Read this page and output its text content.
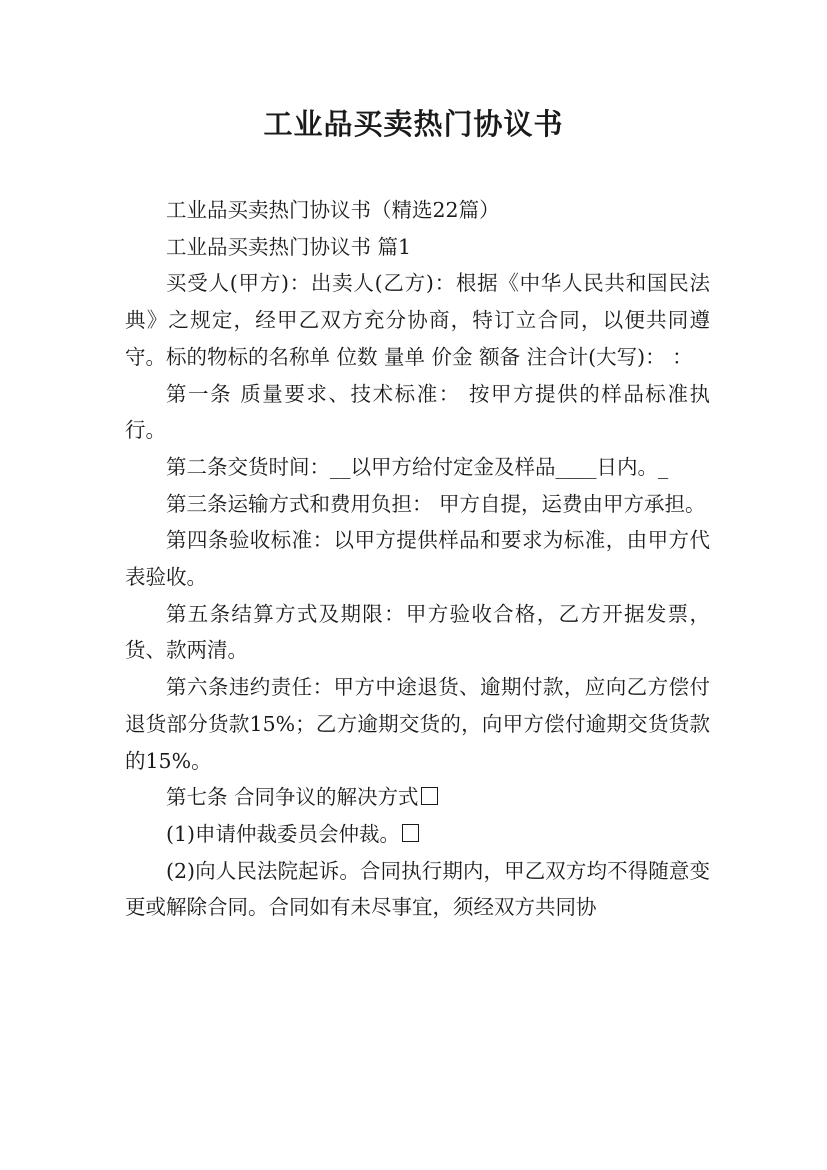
工业品买卖热门协议书

工业品买卖热门协议书（精选22篇）

工业品买卖热门协议书 篇1

买受人(甲方)：出卖人(乙方)：根据《中华人民共和国民法典》之规定，经甲乙双方充分协商，特订立合同，以便共同遵守。标的物标的名称单 位数 量单 价金 额备 注合计(大写)： ：

第一条 质量要求、技术标准： 按甲方提供的样品标准执行。

第二条交货时间：__以甲方给付定金及样品____日内。_

第三条运输方式和费用负担： 甲方自提，运费由甲方承担。

第四条验收标准：以甲方提供样品和要求为标准，由甲方代表验收。

第五条结算方式及期限：甲方验收合格，乙方开据发票，货、款两清。

第六条违约责任：甲方中途退货、逾期付款，应向乙方偿付退货部分货款15%；乙方逾期交货的，向甲方偿付逾期交货货款的15%。

第七条 合同争议的解决方式

(1)申请仲裁委员会仲裁。

(2)向人民法院起诉。合同执行期内，甲乙双方均不得随意变更或解除合同。合同如有未尽事宜，须经双方共同协
